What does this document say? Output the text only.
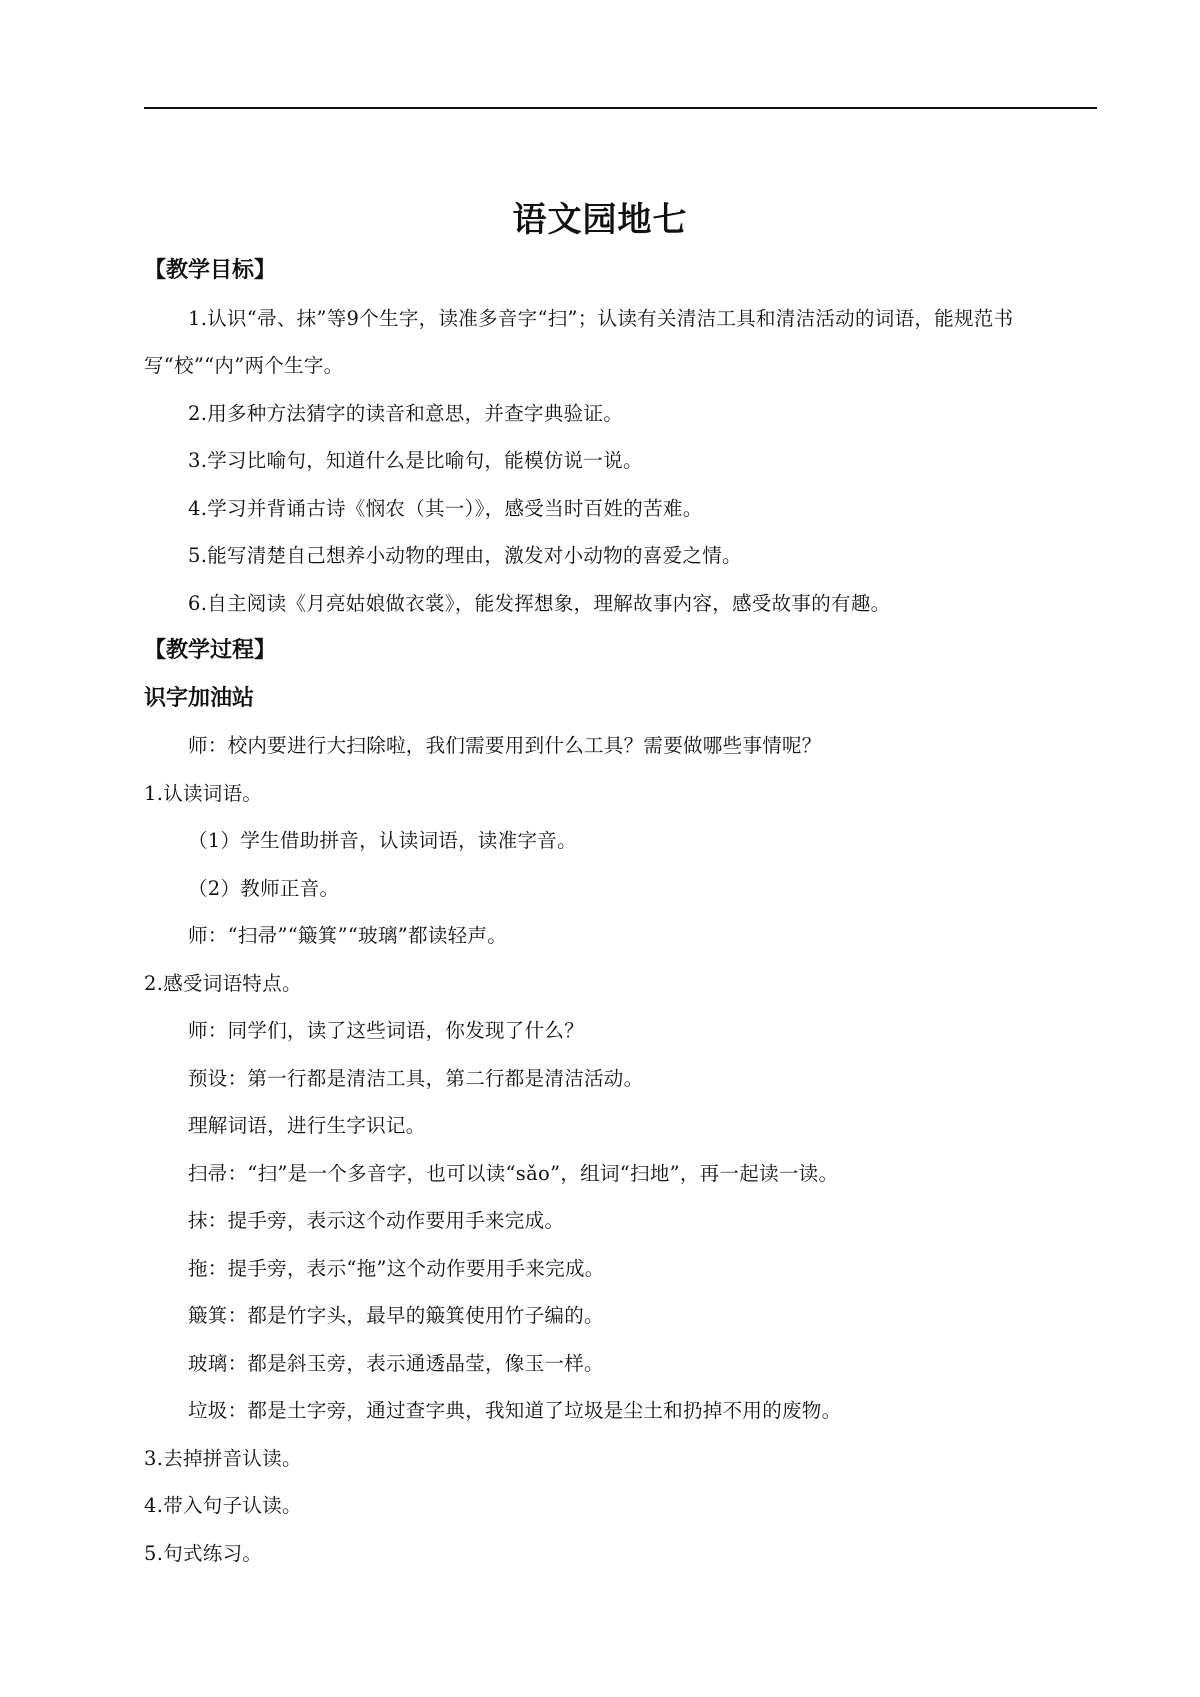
语文园地七
【教学目标】
1.认识“帚、抹”等9个生字，读准多音字“扫”；认读有关清洁工具和清洁活动的词语，能规范书写“校”“内”两个生字。
2.用多种方法猜字的读音和意思，并查字典验证。
3.学习比喻句，知道什么是比喻句，能模仿说一说。
4.学习并背诵古诗《悯农（其一）》，感受当时百姓的苦难。
5.能写清楚自己想养小动物的理由，激发对小动物的喜爱之情。
6.自主阅读《月亮姑娘做衣裳》，能发挥想象，理解故事内容，感受故事的有趣。
【教学过程】
识字加油站
师：校内要进行大扫除啦，我们需要用到什么工具？需要做哪些事情呢？
1.认读词语。
（1）学生借助拼音，认读词语，读准字音。
（2）教师正音。
师：“扫帚”“簸箕”“玻璃”都读轻声。
2.感受词语特点。
师：同学们，读了这些词语，你发现了什么？
预设：第一行都是清洁工具，第二行都是清洁活动。
理解词语，进行生字识记。
扫帚：“扫”是一个多音字，也可以读“sǎo”，组词“扫地”，再一起读一读。
抹：提手旁，表示这个动作要用手来完成。
拖：提手旁，表示“拖”这个动作要用手来完成。
簸箕：都是竹字头，最早的簸箕使用竹子编的。
玻璃：都是斜玉旁，表示通透晶莹，像玉一样。
垃圾：都是土字旁，通过查字典，我知道了垃圾是尘土和扔掉不用的废物。
3.去掉拼音认读。
4.带入句子认读。
5.句式练习。
